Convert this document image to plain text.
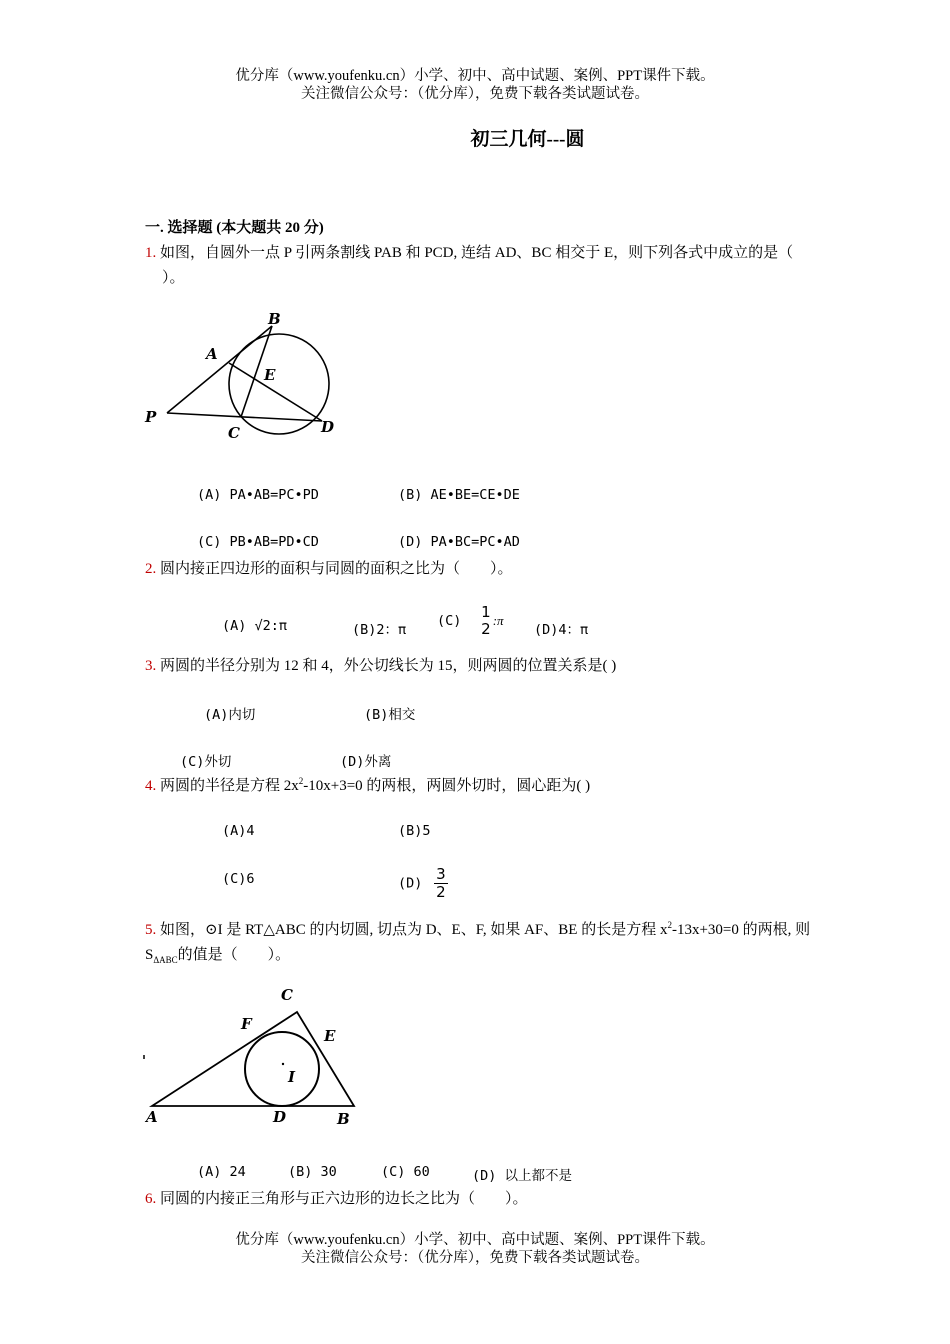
优分库（www.youfenku.cn）小学、初中、高中试题、案例、PPT课件下载。
关注微信公众号：（优分库），免费下载各类试题试卷。
初三几何---圆
一. 选择题 (本大题共 20 分)
1. 如图，自圆外一点 P 引两条割线 PAB 和 PCD, 连结 AD、BC 相交于 E，则下列各式中成立的是（
）。
B
A
E
P
C	D
(A) PA•AB=PC•PD	(B) AE•BE=CE•DE
(C) PB•AB=PD•CD	(D) PA•BC=PC•AD
2. 圆内接正四边形的面积与同圆的面积之比为（　　）。
(A) √2:π	(B)2：π
(C) 1
2 :π
(D)4：π
3. 两圆的半径分别为 12 和 4，外公切线长为 15，则两圆的位置关系是( )
(A)内切	(B)相交
(C)外切	(D)外离
4. 两圆的半径是方程 $2x^2-10x+3=0$ 的两根，两圆外切时，圆心距为( )
(A)4	(B)5
(C)6	$(D) \frac{3}{2}$
5. 如图，⊙I 是 RT△ABC 的内切圆, 切点为 D、E、F, 如果 AF、BE 的长是方程 $x^2-13x+30=0$ 的两根, 则
$S_{\Delta ABC}$的值是（　　）。
C
F
E
I
A	D	B
(A) 24	(B) 30	(C) 60	(D) 以上都不是
6. 同圆的内接正三角形与正六边形的边长之比为（　　）。
优分库（www.youfenku.cn）小学、初中、高中试题、案例、PPT课件下载。
关注微信公众号：（优分库），免费下载各类试题试卷。
